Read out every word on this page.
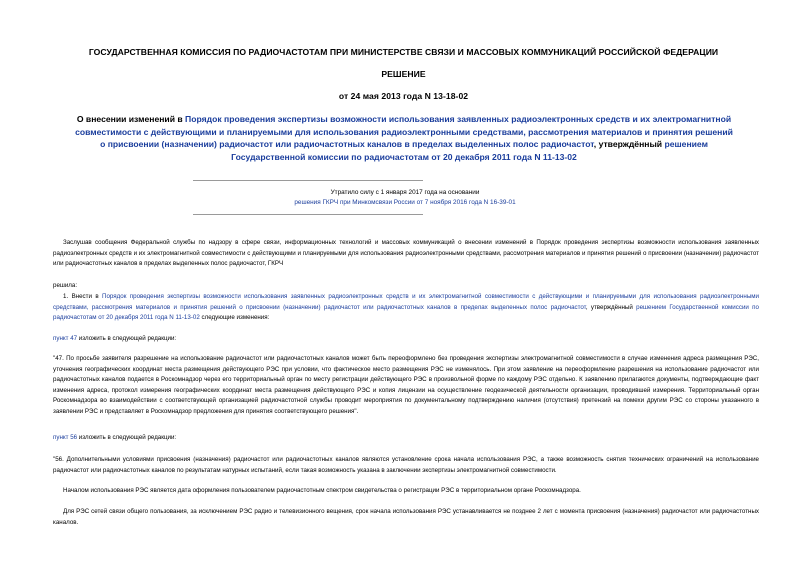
ГОСУДАРСТВЕННАЯ КОМИССИЯ ПО РАДИОЧАСТОТАМ ПРИ МИНИСТЕРСТВЕ СВЯЗИ И МАССОВЫХ КОММУНИКАЦИЙ РОССИЙСКОЙ ФЕДЕРАЦИИ
РЕШЕНИЕ
от 24 мая 2013 года N 13-18-02
О внесении изменений в Порядок проведения экспертизы возможности использования заявленных радиоэлектронных средств и их электромагнитной совместимости с действующими и планируемыми для использования радиоэлектронными средствами, рассмотрения материалов и принятия решений о присвоении (назначении) радиочастот или радиочастотных каналов в пределах выделенных полос радиочастот, утверждённый решением Государственной комиссии по радиочастотам от 20 декабря 2011 года N 11-13-02
Утратило силу с 1 января 2017 года на основании
решения ГКРЧ при Минкомсвязи России от 7 ноября 2016 года N 16-39-01
Заслушав сообщения Федеральной службы по надзору в сфере связи, информационных технологий и массовых коммуникаций о внесении изменений в Порядок проведения экспертизы возможности использования заявленных радиоэлектронных средств и их электромагнитной совместимости с действующими и планируемыми для использования радиоэлектронными средствами, рассмотрения материалов и принятия решений о присвоении (назначении) радиочастот или радиочастотных каналов в пределах выделенных полос радиочастот, ГКРЧ
решила:
1. Внести в Порядок проведения экспертизы возможности использования заявленных радиоэлектронных средств и их электромагнитной совместимости с действующими и планируемыми для использования радиоэлектронными средствами, рассмотрения материалов и принятия решений о присвоении (назначении) радиочастот или радиочастотных каналов в пределах выделенных полос радиочастот, утверждённый решением Государственной комиссии по радиочастотам от 20 декабря 2011 года N 11-13-02 следующие изменения:
пункт 47 изложить в следующей редакции:
"47. По просьбе заявителя разрешение на использование радиочастот или радиочастотных каналов может быть переоформлено без проведения экспертизы электромагнитной совместимости в случае изменения адреса размещения РЭС, уточнения географических координат места размещения действующего РЭС при условии, что фактическое место размещения РЭС не изменялось. При этом заявление на переоформление разрешения на использование радиочастот или радиочастотных каналов подается в Роскомнадзор через его территориальный орган по месту регистрации действующего РЭС в произвольной форме по каждому РЭС отдельно. К заявлению прилагаются документы, подтверждающие факт изменения адреса, протокол измерения географических координат места размещения действующего РЭС и копия лицензии на осуществление геодезической деятельности организации, проводившей измерения. Территориальный орган Роскомнадзора во взаимодействии с соответствующей организацией радиочастотной службы проводит мероприятия по документальному подтверждению наличия (отсутствия) претензий на помехи другим РЭС со стороны указанного в заявлении РЭС и представляет в Роскомнадзор предложения для принятия соответствующего решения".
пункт 56 изложить в следующей редакции:
"56. Дополнительными условиями присвоения (назначения) радиочастот или радиочастотных каналов являются установление срока начала использования РЭС, а также возможность снятия технических ограничений на использование радиочастот или радиочастотных каналов по результатам натурных испытаний, если такая возможность указана в заключении экспертизы электромагнитной совместимости.
Началом использования РЭС является дата оформления пользователем радиочастотным спектром свидетельства о регистрации РЭС в территориальном органе Роскомнадзора.
Для РЭС сетей связи общего пользования, за исключением РЭС радио и телевизионного вещения, срок начала использования РЭС устанавливается не позднее 2 лет с момента присвоения (назначения) радиочастот или радиочастотных каналов.
